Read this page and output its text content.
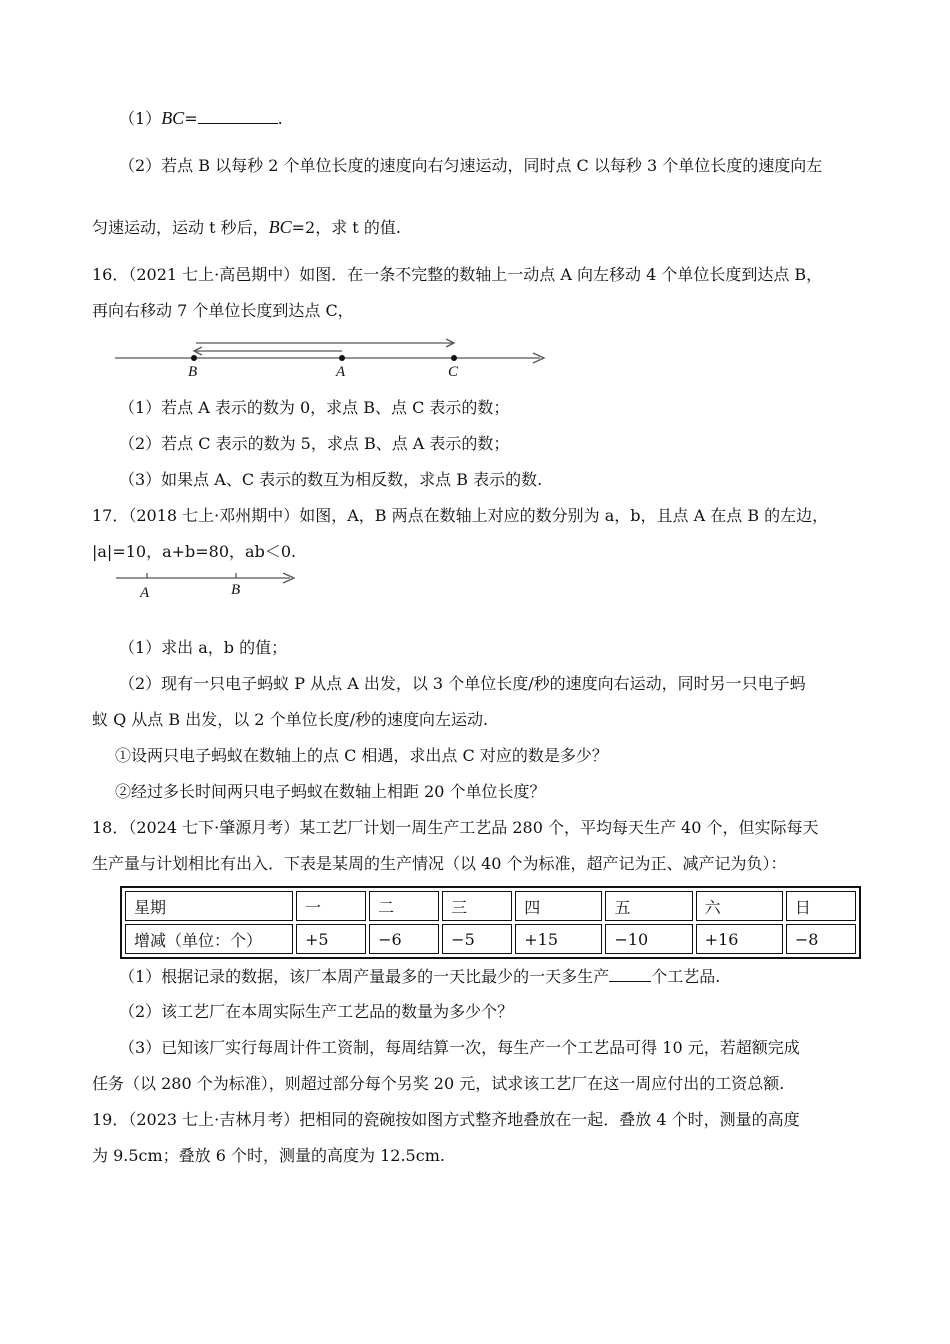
（1）BC=	.
（2）若点 B 以每秒 2 个单位长度的速度向右匀速运动，同时点 C 以每秒 3 个单位长度的速度向左
匀速运动，运动 t 秒后，BC=2，求 t 的值.
16．（2021 七上·高邑期中）如图．在一条不完整的数轴上一动点 A 向左移动 4 个单位长度到达点 B，
再向右移动 7 个单位长度到达点 C，
B	A	C
A	B
（1）若点 A 表示的数为 0，求点 B、点 C 表示的数；
（2）若点 C 表示的数为 5，求点 B、点 A 表示的数；
（3）如果点 A、C 表示的数互为相反数，求点 B 表示的数.
17．（2018 七上·邓州期中）如图，A，B 两点在数轴上对应的数分别为 a，b，且点 A 在点 B 的左边，
|a|=10，a+b=80，ab＜0.
（1）求出 a，b 的值；
（2）现有一只电子蚂蚁 P 从点 A 出发，以 3 个单位长度/秒的速度向右运动，同时另一只电子蚂
蚁 Q 从点 B 出发，以 2 个单位长度/秒的速度向左运动.
①设两只电子蚂蚁在数轴上的点 C 相遇，求出点 C 对应的数是多少？
②经过多长时间两只电子蚂蚁在数轴上相距 20 个单位长度？
18．（2024 七下·肇源月考）某工艺厂计划一周生产工艺品 280 个，平均每天生产 40 个，但实际每天
生产量与计划相比有出入．下表是某周的生产情况（以 40 个为标准，超产记为正、减产记为负）：
星期	一	二	三	四	五	六	日
增减（单位：个）	+5	−6	−5	+15	−10	+16	−8
（1）根据记录的数据，该厂本周产量最多的一天比最少的一天多生产	个工艺品.
（2）该工艺厂在本周实际生产工艺品的数量为多少个？
（3）已知该厂实行每周计件工资制，每周结算一次，每生产一个工艺品可得 10 元，若超额完成
任务（以 280 个为标准），则超过部分每个另奖 20 元，试求该工艺厂在这一周应付出的工资总额.
19．（2023 七上·吉林月考）把相同的瓷碗按如图方式整齐地叠放在一起．叠放 4 个时，测量的高度
为 9.5cm；叠放 6 个时，测量的高度为 12.5cm.
